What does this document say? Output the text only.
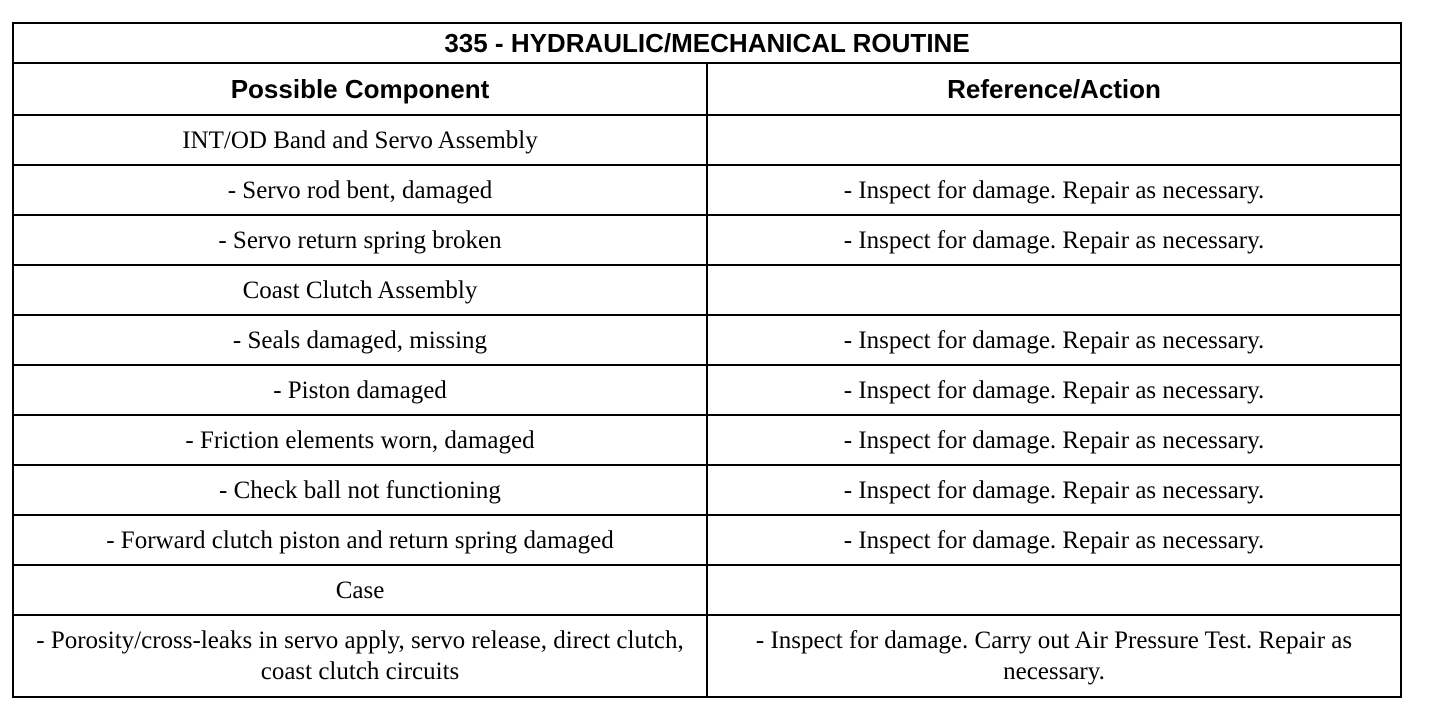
335 - HYDRAULIC/MECHANICAL ROUTINE	
Possible Component	Reference/Action
INT/OD Band and Servo Assembly	
- Servo rod bent, damaged	- Inspect for damage. Repair as necessary.
- Servo return spring broken	- Inspect for damage. Repair as necessary.
Coast Clutch Assembly	
- Seals damaged, missing	- Inspect for damage. Repair as necessary.
- Piston damaged	- Inspect for damage. Repair as necessary.
- Friction elements worn, damaged	- Inspect for damage. Repair as necessary.
- Check ball not functioning	- Inspect for damage. Repair as necessary.
- Forward clutch piston and return spring damaged	- Inspect for damage. Repair as necessary.
Case	
- Porosity/cross-leaks in servo apply, servo release, direct clutch, coast clutch circuits	- Inspect for damage. Carry out Air Pressure Test. Repair as necessary.
